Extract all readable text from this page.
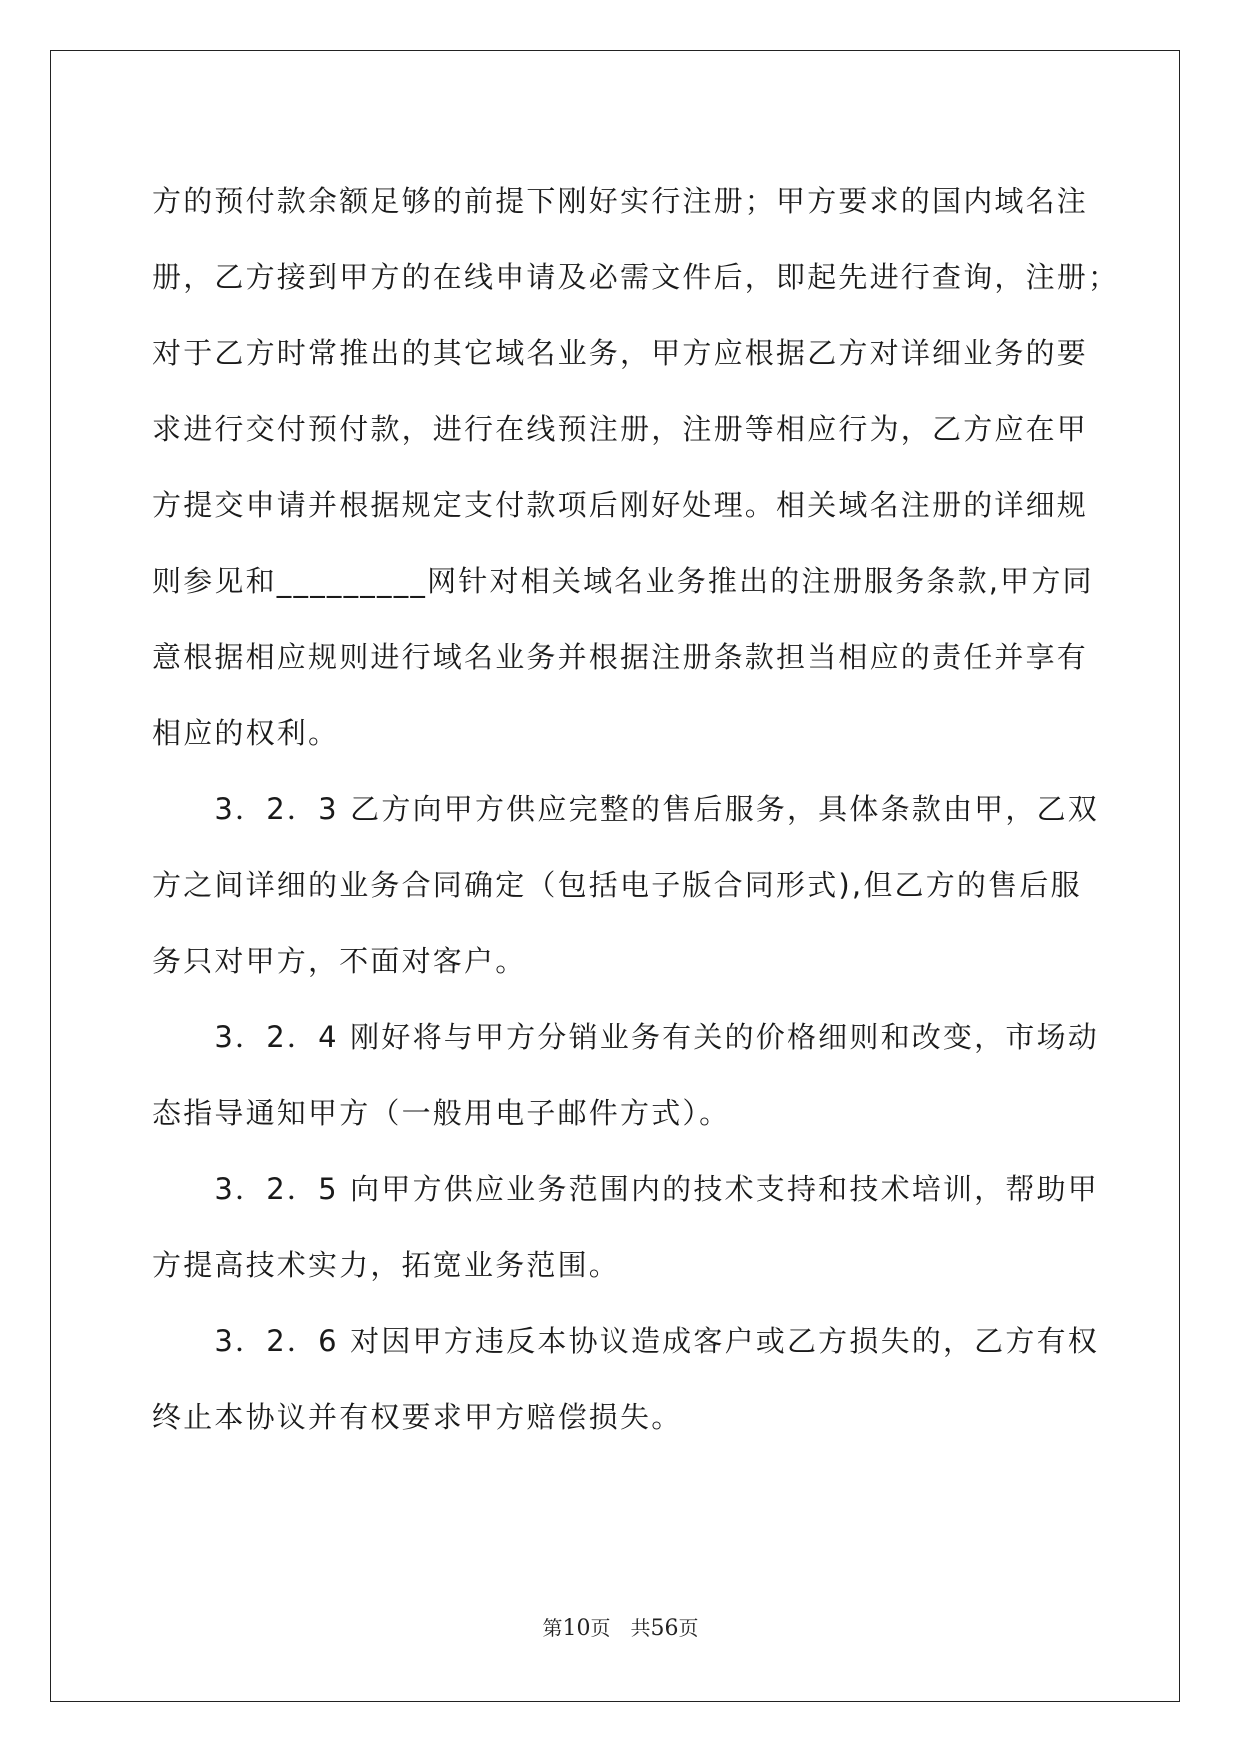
方的预付款余额足够的前提下刚好实行注册；甲方要求的国内域名注
册，乙方接到甲方的在线申请及必需文件后，即起先进行查询，注册；
对于乙方时常推出的其它域名业务，甲方应根据乙方对详细业务的要
求进行交付预付款，进行在线预注册，注册等相应行为，乙方应在甲
方提交申请并根据规定支付款项后刚好处理。相关域名注册的详细规
则参见和_________网针对相关域名业务推出的注册服务条款,甲方同
意根据相应规则进行域名业务并根据注册条款担当相应的责任并享有
相应的权利。
　　3．2．3 乙方向甲方供应完整的售后服务，具体条款由甲，乙双
方之间详细的业务合同确定（包括电子版合同形式),但乙方的售后服
务只对甲方，不面对客户。
　　3．2．4 刚好将与甲方分销业务有关的价格细则和改变，市场动
态指导通知甲方（一般用电子邮件方式）。
　　3．2．5 向甲方供应业务范围内的技术支持和技术培训，帮助甲
方提高技术实力，拓宽业务范围。
　　3．2．6 对因甲方违反本协议造成客户或乙方损失的，乙方有权
终止本协议并有权要求甲方赔偿损失。
第10页 共56页
